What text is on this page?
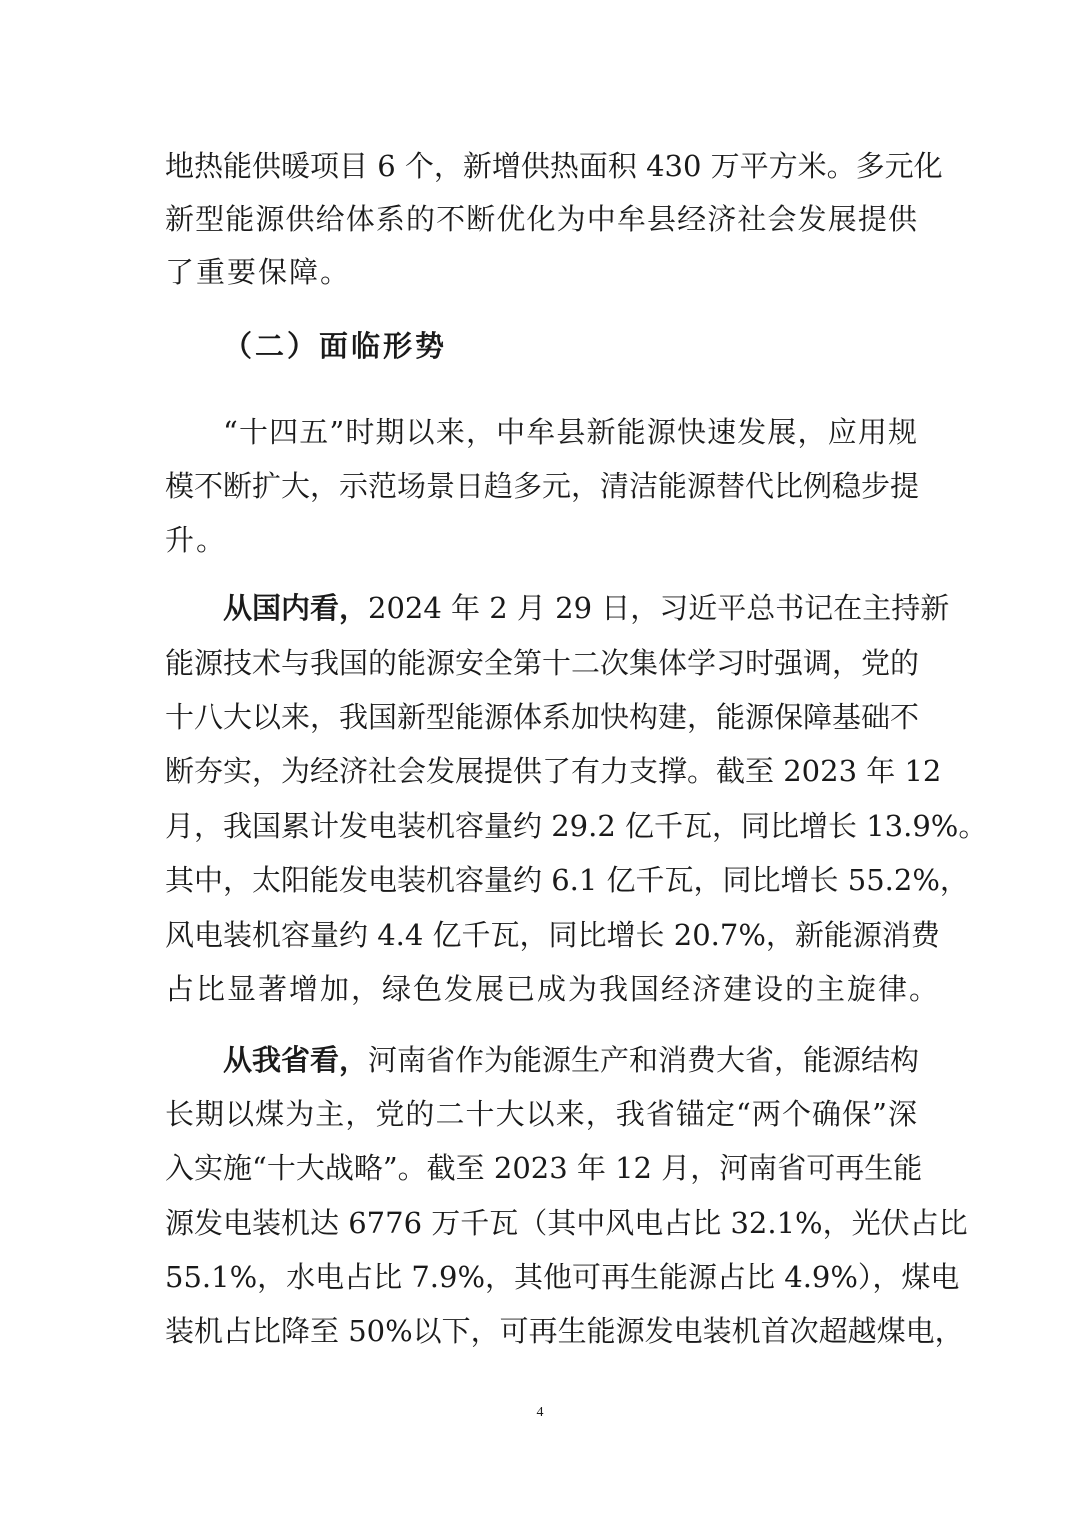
地热能供暖项目 6 个，新增供热面积 430 万平方米。多元化
新型能源供给体系的不断优化为中牟县经济社会发展提供
了重要保障。
（二）面临形势
“十四五”时期以来，中牟县新能源快速发展，应用规
模不断扩大，示范场景日趋多元，清洁能源替代比例稳步提
升。
从国内看，2024 年 2 月 29 日，习近平总书记在主持新
能源技术与我国的能源安全第十二次集体学习时强调，党的
十八大以来，我国新型能源体系加快构建，能源保障基础不
断夯实，为经济社会发展提供了有力支撑。截至 2023 年 12
月，我国累计发电装机容量约 29.2 亿千瓦，同比增长 13.9%。
其中，太阳能发电装机容量约 6.1 亿千瓦，同比增长 55.2%，
风电装机容量约 4.4 亿千瓦，同比增长 20.7%，新能源消费
占比显著增加，绿色发展已成为我国经济建设的主旋律。
从我省看，河南省作为能源生产和消费大省，能源结构
长期以煤为主，党的二十大以来，我省锚定“两个确保”深
入实施“十大战略”。截至 2023 年 12 月，河南省可再生能
源发电装机达 6776 万千瓦（其中风电占比 32.1%，光伏占比
55.1%，水电占比 7.9%，其他可再生能源占比 4.9%），煤电
装机占比降至 50%以下，可再生能源发电装机首次超越煤电，
4
